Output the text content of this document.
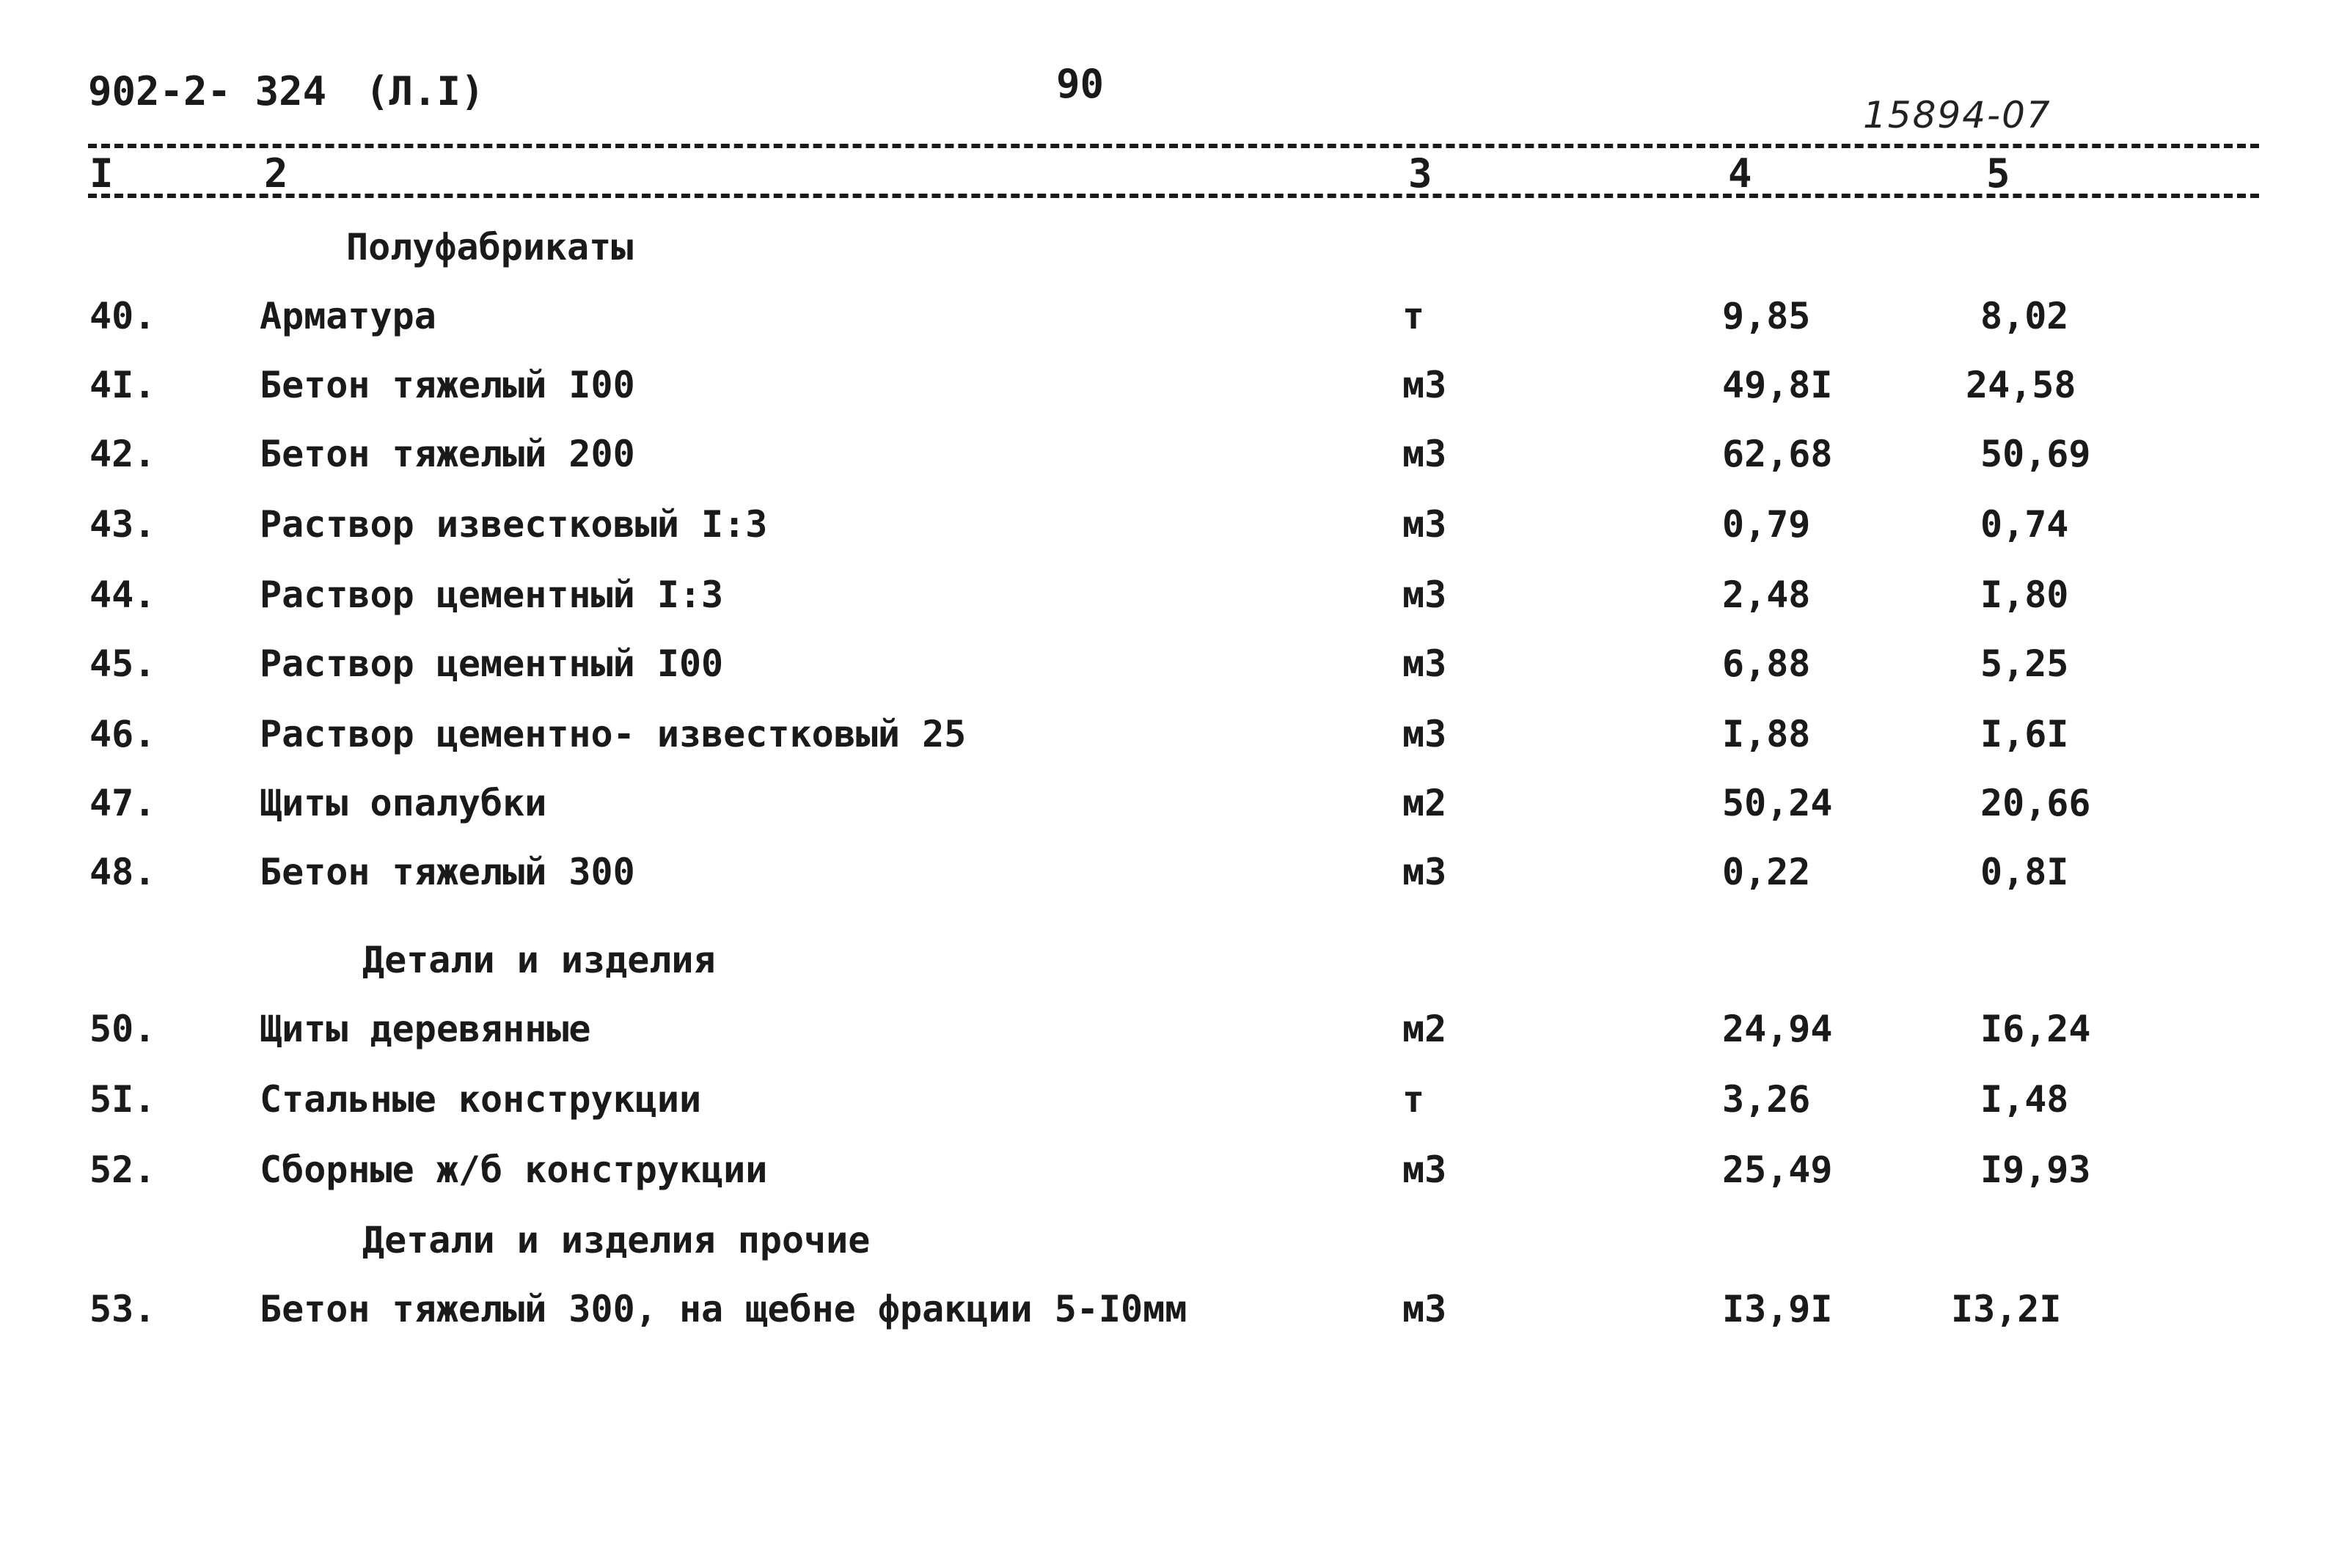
902-2- 324 (Л.I)	90
15894-07
I	2	3	4	5
Полуфабрикаты
40.	Арматура	т	9,85	8,02
4I.	Бетон тяжелый I00	м3	49,8I	24,58
42.	Бетон тяжелый 200	м3	62,68	50,69
43.	Раствор известковый I:3	м3	0,79	0,74
44.	Раствор цементный I:3	м3	2,48	I,80
45.	Раствор цементный I00	м3	6,88	5,25
46.	Раствор цементно- известковый 25	м3	I,88	I,6I
47.	Щиты опалубки	м2	50,24	20,66
48.	Бетон тяжелый 300	м3	0,22	0,8I
Детали и изделия
50.	Щиты деревянные	м2	24,94	I6,24
5I.	Стальные конструкции	т	3,26	I,48
52.	Сборные ж/б конструкции	м3	25,49	I9,93
Детали и изделия прочие
53.	Бетон тяжелый 300, на щебне фракции 5-I0мм	м3	I3,9I	I3,2I
